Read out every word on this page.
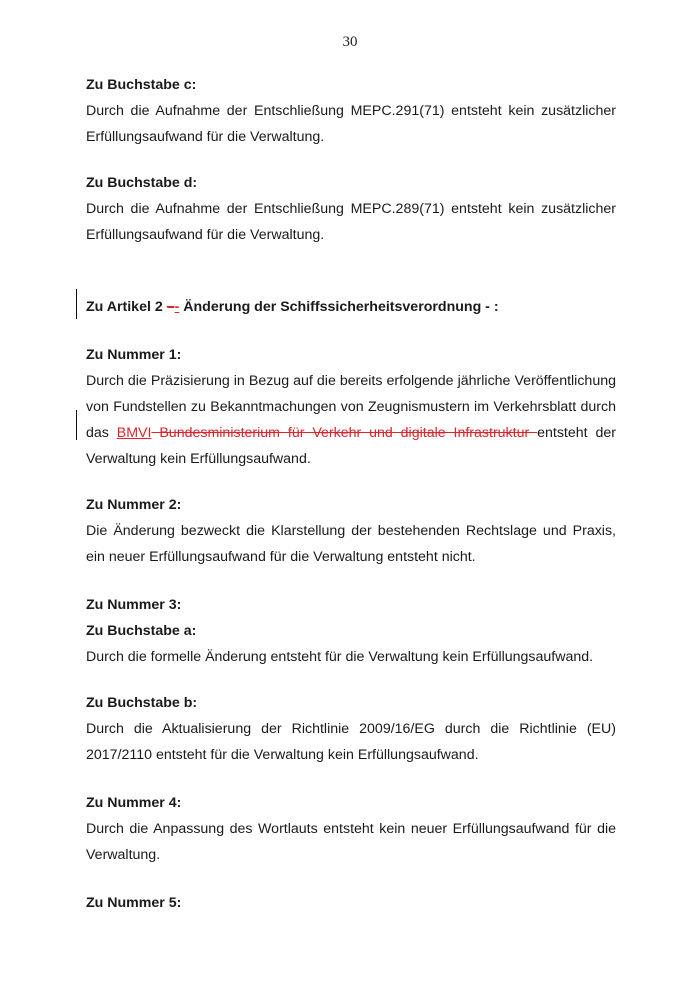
30

Zu Buchstabe c:

Durch die Aufnahme der Entschließung MEPC.291(71) entsteht kein zusätzlicher Erfüllungsaufwand für die Verwaltung.

Zu Buchstabe d:

Durch die Aufnahme der Entschließung MEPC.289(71) entsteht kein zusätzlicher Erfüllungsaufwand für die Verwaltung.

Zu Artikel 2 –- Änderung der Schiffssicherheitsverordnung - :

Zu Nummer 1:

Durch die Präzisierung in Bezug auf die bereits erfolgende jährliche Veröffentlichung von Fundstellen zu Bekanntmachungen von Zeugnismustern im Verkehrsblatt durch das BMVI Bundesministerium für Verkehr und digitale Infrastruktur entsteht der Verwaltung kein Erfüllungsaufwand.

Zu Nummer 2:

Die Änderung bezweckt die Klarstellung der bestehenden Rechtslage und Praxis, ein neuer Erfüllungsaufwand für die Verwaltung entsteht nicht.

Zu Nummer 3:

Zu Buchstabe a:

Durch die formelle Änderung entsteht für die Verwaltung kein Erfüllungsaufwand.

Zu Buchstabe b:

Durch die Aktualisierung der Richtlinie 2009/16/EG durch die Richtlinie (EU) 2017/2110 entsteht für die Verwaltung kein Erfüllungsaufwand.

Zu Nummer 4:

Durch die Anpassung des Wortlauts entsteht kein neuer Erfüllungsaufwand für die Verwaltung.

Zu Nummer 5:
